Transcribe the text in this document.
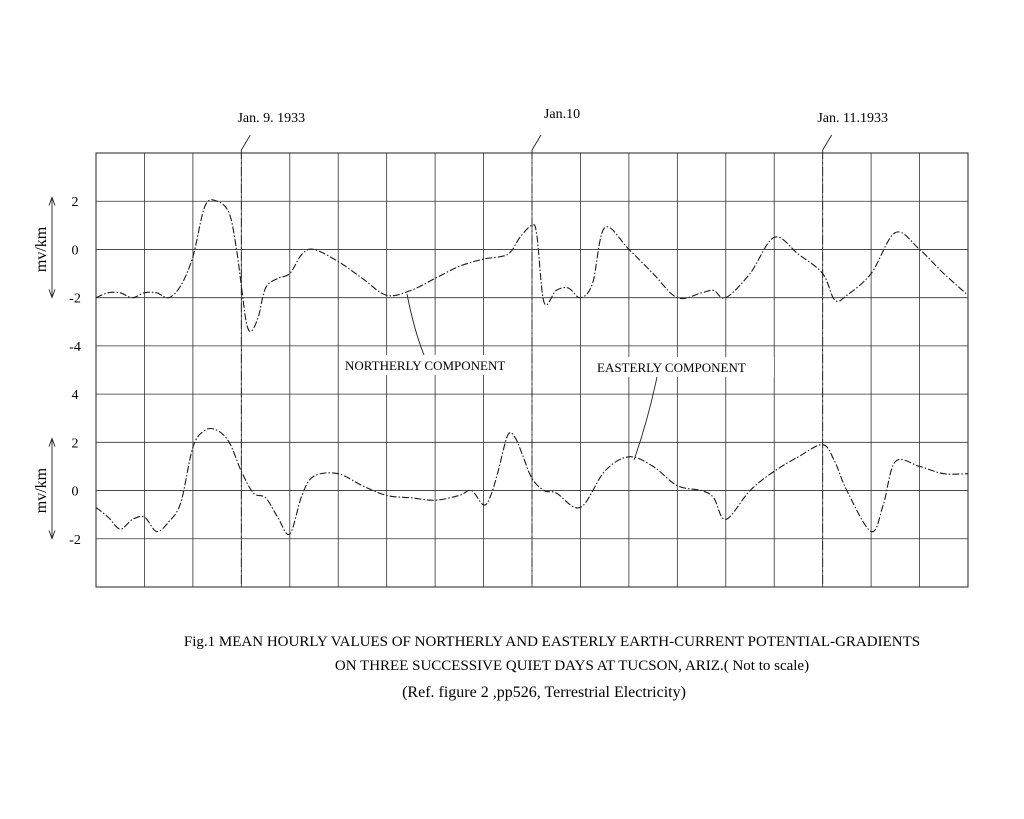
Jan. 9. 1933	Jan.10	Jan. 11.1933
2
0
-2
-4
mv/km
4
2
0
-2
mv/km
NORTHERLY COMPONENT	EASTERLY COMPONENT
Fig.1 MEAN HOURLY VALUES OF NORTHERLY AND EASTERLY EARTH-CURRENT POTENTIAL-GRADIENTS
ON THREE SUCCESSIVE QUIET DAYS AT TUCSON, ARIZ.( Not to scale)
(Ref. figure 2 ,pp526, Terrestrial Electricity)
